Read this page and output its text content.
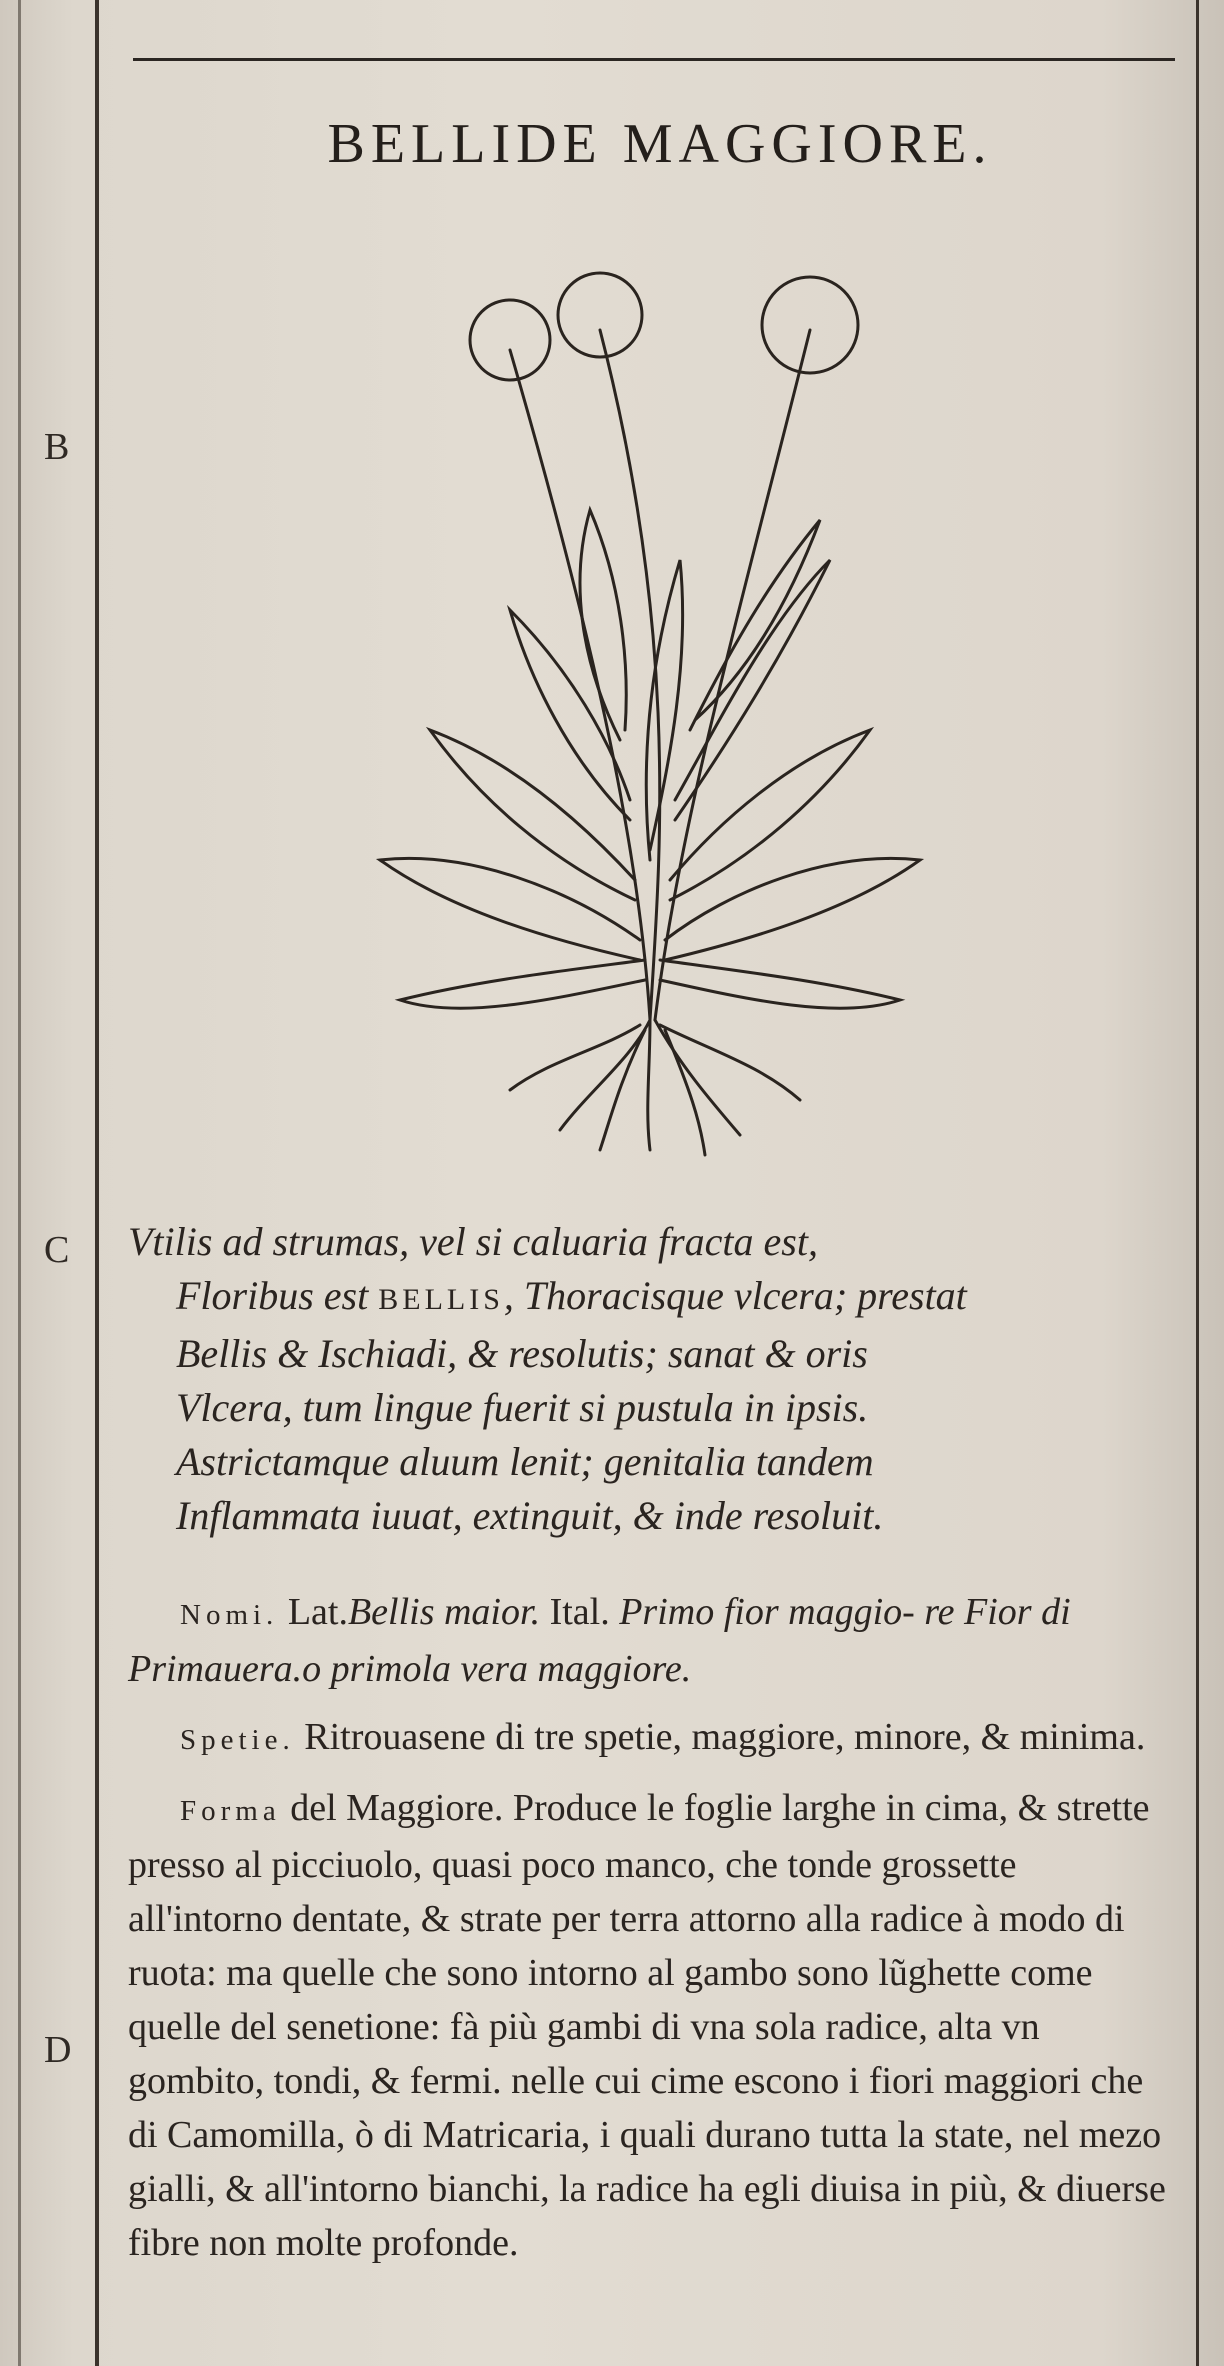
B
C
D
BELLIDE MAGGIORE.
Vtilis ad strumas, vel si caluaria fracta est,
Floribus est BELLIS, Thoracisque vlcera; prestat
Bellis & Ischiadi, & resolutis; sanat & oris
Vlcera, tum lingue fuerit si pustula in ipsis.
Astrictamque aluum lenit; genitalia tandem
Inflammata iuuat, extinguit, & inde resoluit.

Nomi. Lat.Bellis maior. Ital. Primo fior maggio- re Fior di Primauera.o primola vera maggiore.

Spetie. Ritrouasene di tre spetie, maggiore, minore, & minima.

Forma del Maggiore. Produce le foglie larghe in cima, & strette presso al picciuolo, quasi poco manco, che tonde grossette all'intorno dentate, & strate per terra attorno alla radice à modo di ruota: ma quelle che sono intorno al gambo sono lũghette come quelle del senetione: fà più gambi di vna sola radice, alta vn gombito, tondi, & fermi. nelle cui cime escono i fiori maggiori che di Camomilla, ò di Matricaria, i quali durano tutta la state, nel mezo gialli, & all'intorno bianchi, la radice ha egli diuisa in più, & diuerse fibre non molte profonde.
